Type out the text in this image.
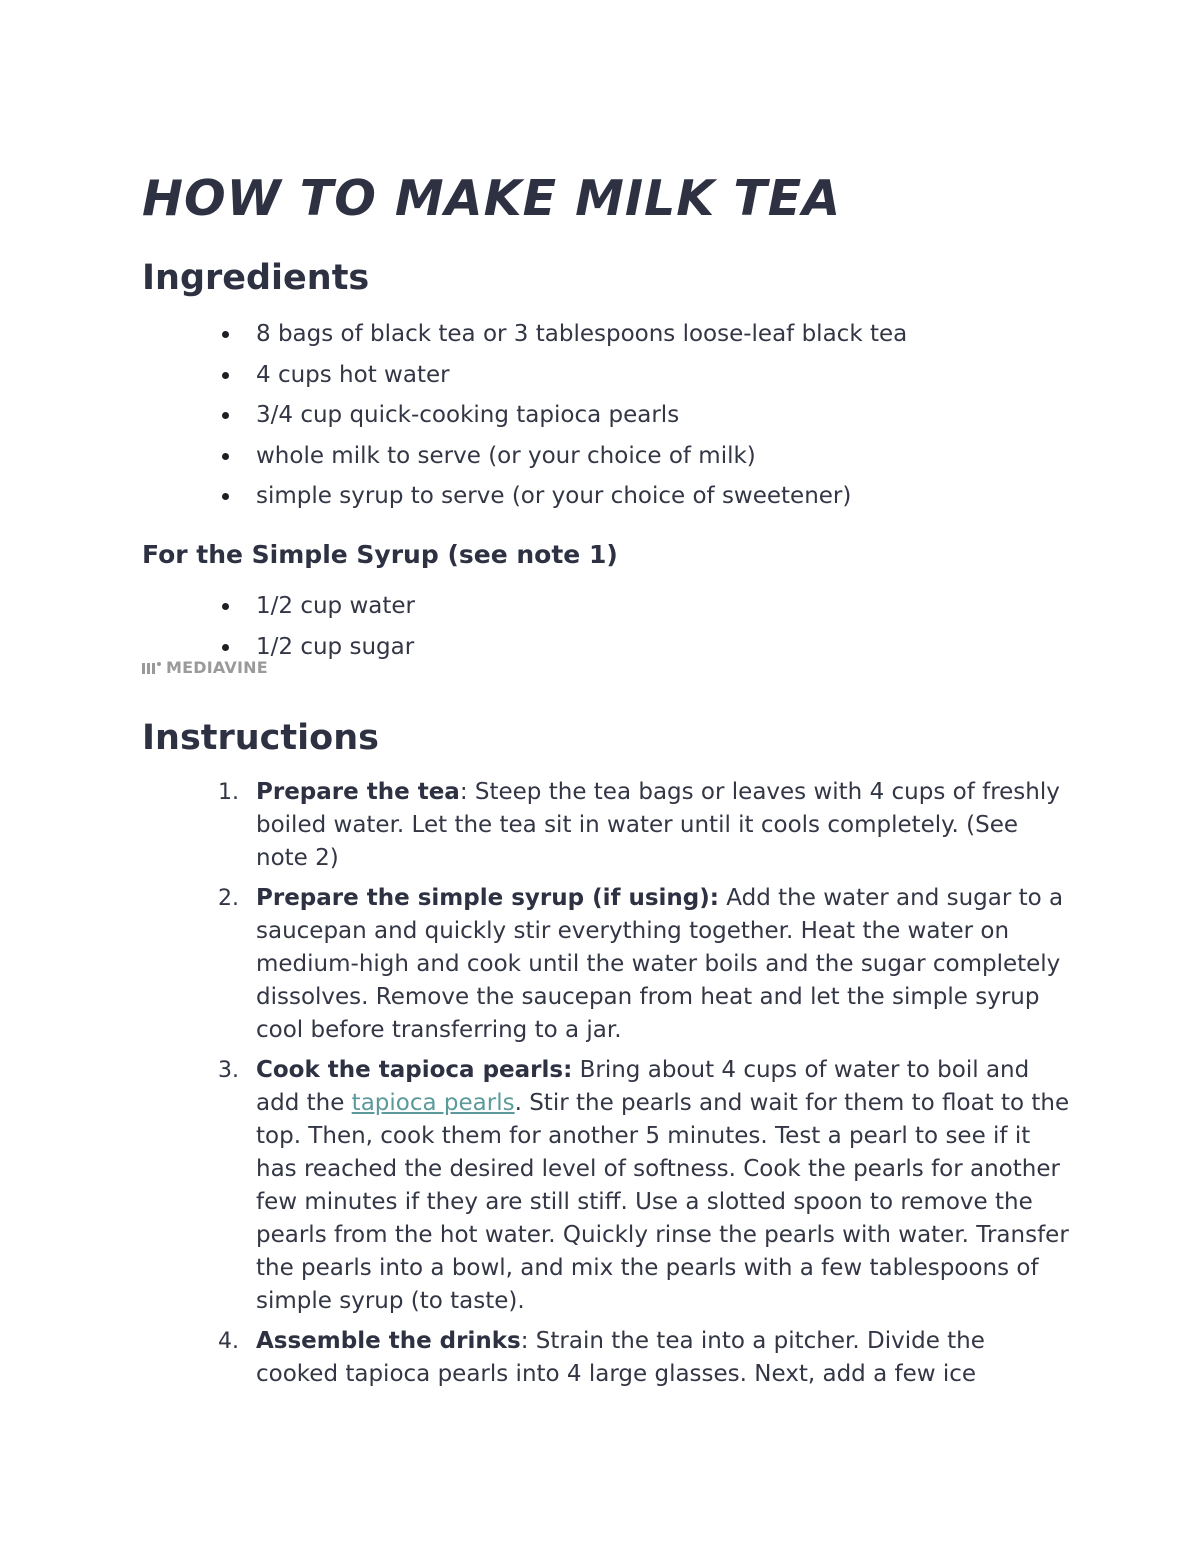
HOW TO MAKE MILK TEA
Ingredients
8 bags of black tea or 3 tablespoons loose-leaf black tea
4 cups hot water
3/4 cup quick-cooking tapioca pearls
whole milk to serve (or your choice of milk)
simple syrup to serve (or your choice of sweetener)
For the Simple Syrup (see note 1)
1/2 cup water
1/2 cup sugar
MEDIAVINE
Instructions
1. Prepare the tea: Steep the tea bags or leaves with 4 cups of freshly boiled water. Let the tea sit in water until it cools completely. (See note 2)
2. Prepare the simple syrup (if using): Add the water and sugar to a saucepan and quickly stir everything together. Heat the water on medium-high and cook until the water boils and the sugar completely dissolves. Remove the saucepan from heat and let the simple syrup cool before transferring to a jar.
3. Cook the tapioca pearls: Bring about 4 cups of water to boil and add the tapioca pearls. Stir the pearls and wait for them to float to the top. Then, cook them for another 5 minutes. Test a pearl to see if it has reached the desired level of softness. Cook the pearls for another few minutes if they are still stiff. Use a slotted spoon to remove the pearls from the hot water. Quickly rinse the pearls with water. Transfer the pearls into a bowl, and mix the pearls with a few tablespoons of simple syrup (to taste).
4. Assemble the drinks: Strain the tea into a pitcher. Divide the cooked tapioca pearls into 4 large glasses. Next, add a few ice
